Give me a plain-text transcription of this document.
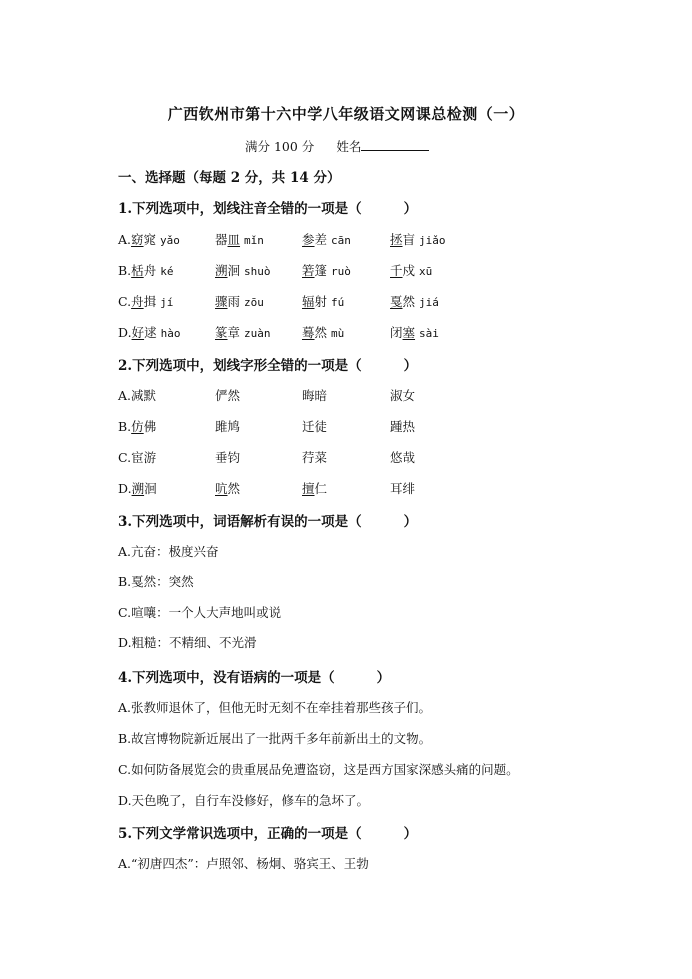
广西钦州市第十六中学八年级语文网课总检测（一）
满分 100 分 姓名
一、选择题（每题 2 分，共 14 分）
1.下列选项中，划线注音全错的一项是（	）
A.窈窕 yǎo	器皿 mǐn	参差 cān	拯盲 jiǎo
B.栝舟 ké	溯洄 shuò	箬篷 ruò	千戍 xū
C.舟揖 jí	骤雨 zōu	辐射 fú	戛然 jiá
D.好逑 hào	篆章 zuàn	蓦然 mù	闭塞 sài
2.下列选项中，划线字形全错的一项是（	）
A.减默	俨然	晦暗	淑女
B.仿佛	雎鸠	迁徒	踵热
C.宦游	垂钧	荇菜	悠哉
D.溯洄	吭然	擅仁	耳绯
3.下列选项中，词语解析有误的一项是（	）
A.亢奋：极度兴奋
B.戛然：突然
C.喧嚷：一个人大声地叫或说
D.粗糙：不精细、不光滑
4.下列选项中，没有语病的一项是（	）
A.张教师退休了，但他无时无刻不在牵挂着那些孩子们。
B.故宫博物院新近展出了一批两千多年前新出土的文物。
C.如何防备展览会的贵重展品免遭盗窃，这是西方国家深感头痛的问题。
D.天色晚了，自行车没修好，修车的急坏了。
5.下列文学常识选项中，正确的一项是（	）
A.“初唐四杰”：卢照邻、杨炯、骆宾王、王勃
